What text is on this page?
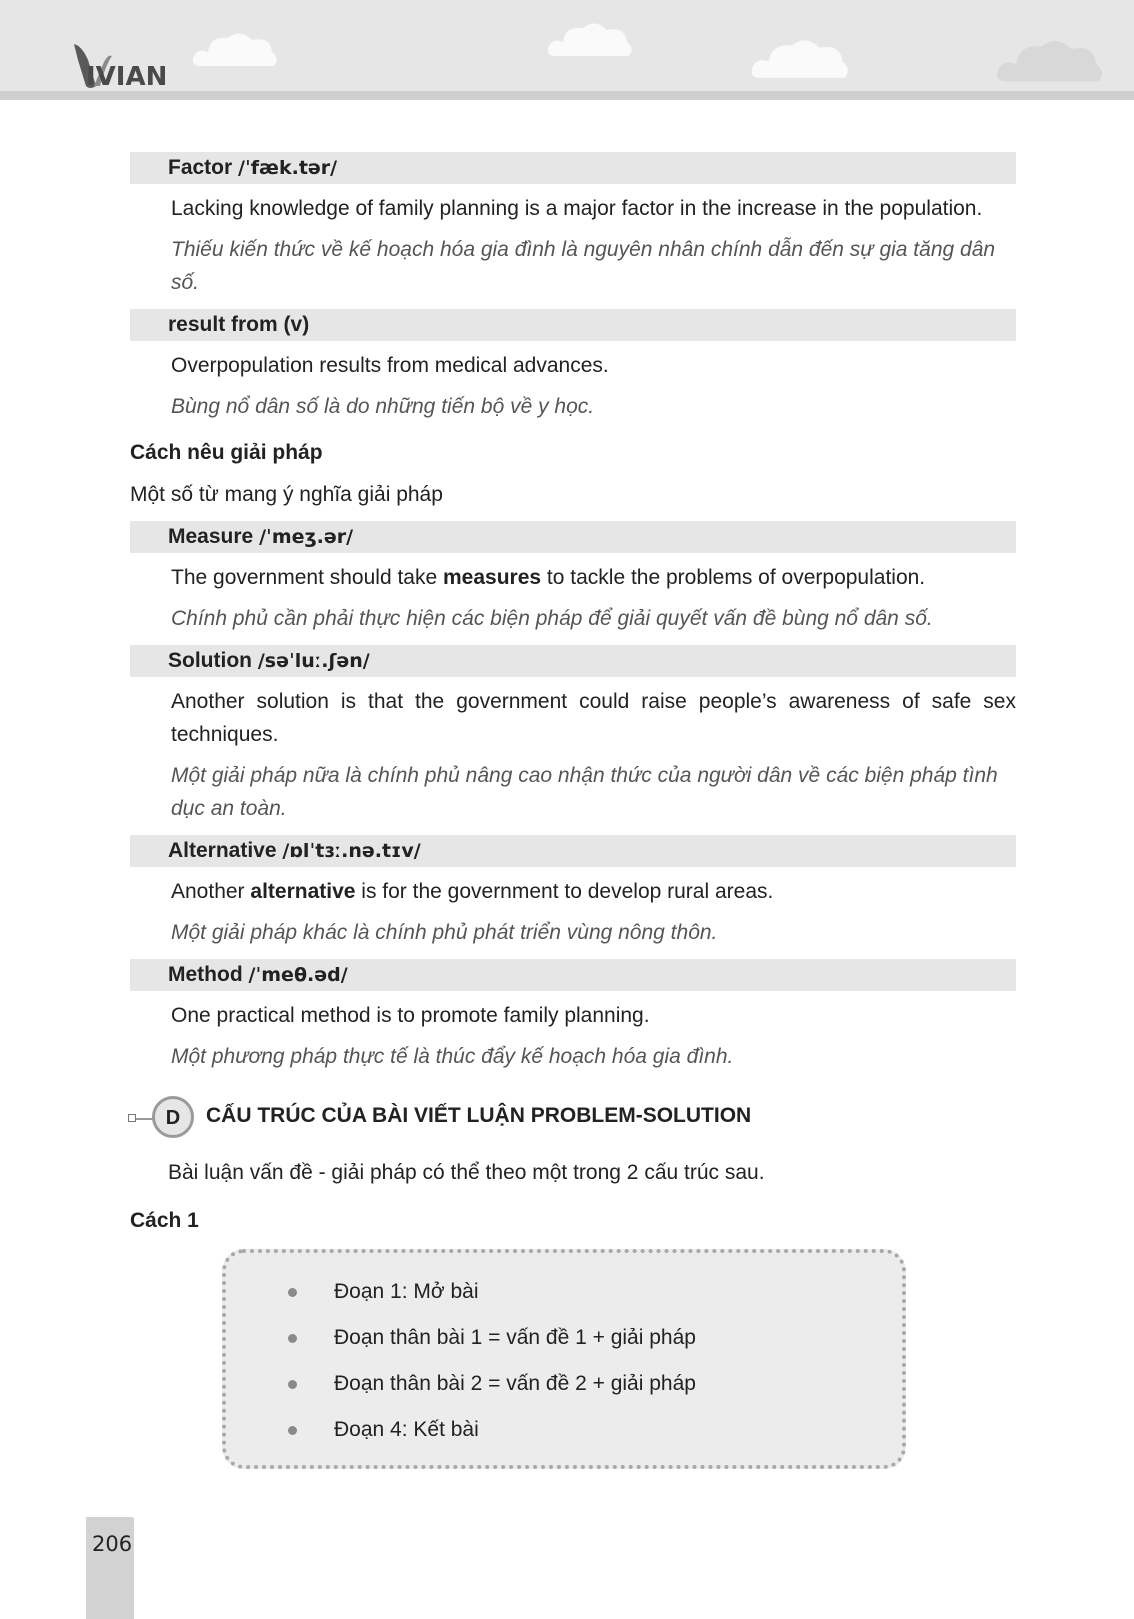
IVIAN
Factor /ˈfæk.tər/
Lacking knowledge of family planning is a major factor in the increase in the population.
Thiếu kiến thức về kế hoạch hóa gia đình là nguyên nhân chính dẫn đến sự gia tăng dân số.
result from (v)
Overpopulation results from medical advances.
Bùng nổ dân số là do những tiến bộ về y học.
Cách nêu giải pháp
Một số từ mang ý nghĩa giải pháp
Measure /ˈmeʒ.ər/
The government should take measures to tackle the problems of overpopulation.
Chính phủ cần phải thực hiện các biện pháp để giải quyết vấn đề bùng nổ dân số.
Solution /səˈluː.ʃən/
Another solution is that the government could raise people’s awareness of safe sex techniques.
Một giải pháp nữa là chính phủ nâng cao nhận thức của người dân về các biện pháp tình dục an toàn.
Alternative /ɒlˈtɜː.nə.tɪv/
Another alternative is for the government to develop rural areas.
Một giải pháp khác là chính phủ phát triển vùng nông thôn.
Method /ˈmeθ.əd/
One practical method is to promote family planning.
Một phương pháp thực tế là thúc đẩy kế hoạch hóa gia đình.
D	CẤU TRÚC CỦA BÀI VIẾT LUẬN PROBLEM-SOLUTION
Bài luận vấn đề - giải pháp có thể theo một trong 2 cấu trúc sau.
Cách 1
Đoạn 1: Mở bài
Đoạn thân bài 1 = vấn đề 1 + giải pháp
Đoạn thân bài 2 = vấn đề 2 + giải pháp
Đoạn 4: Kết bài
206
